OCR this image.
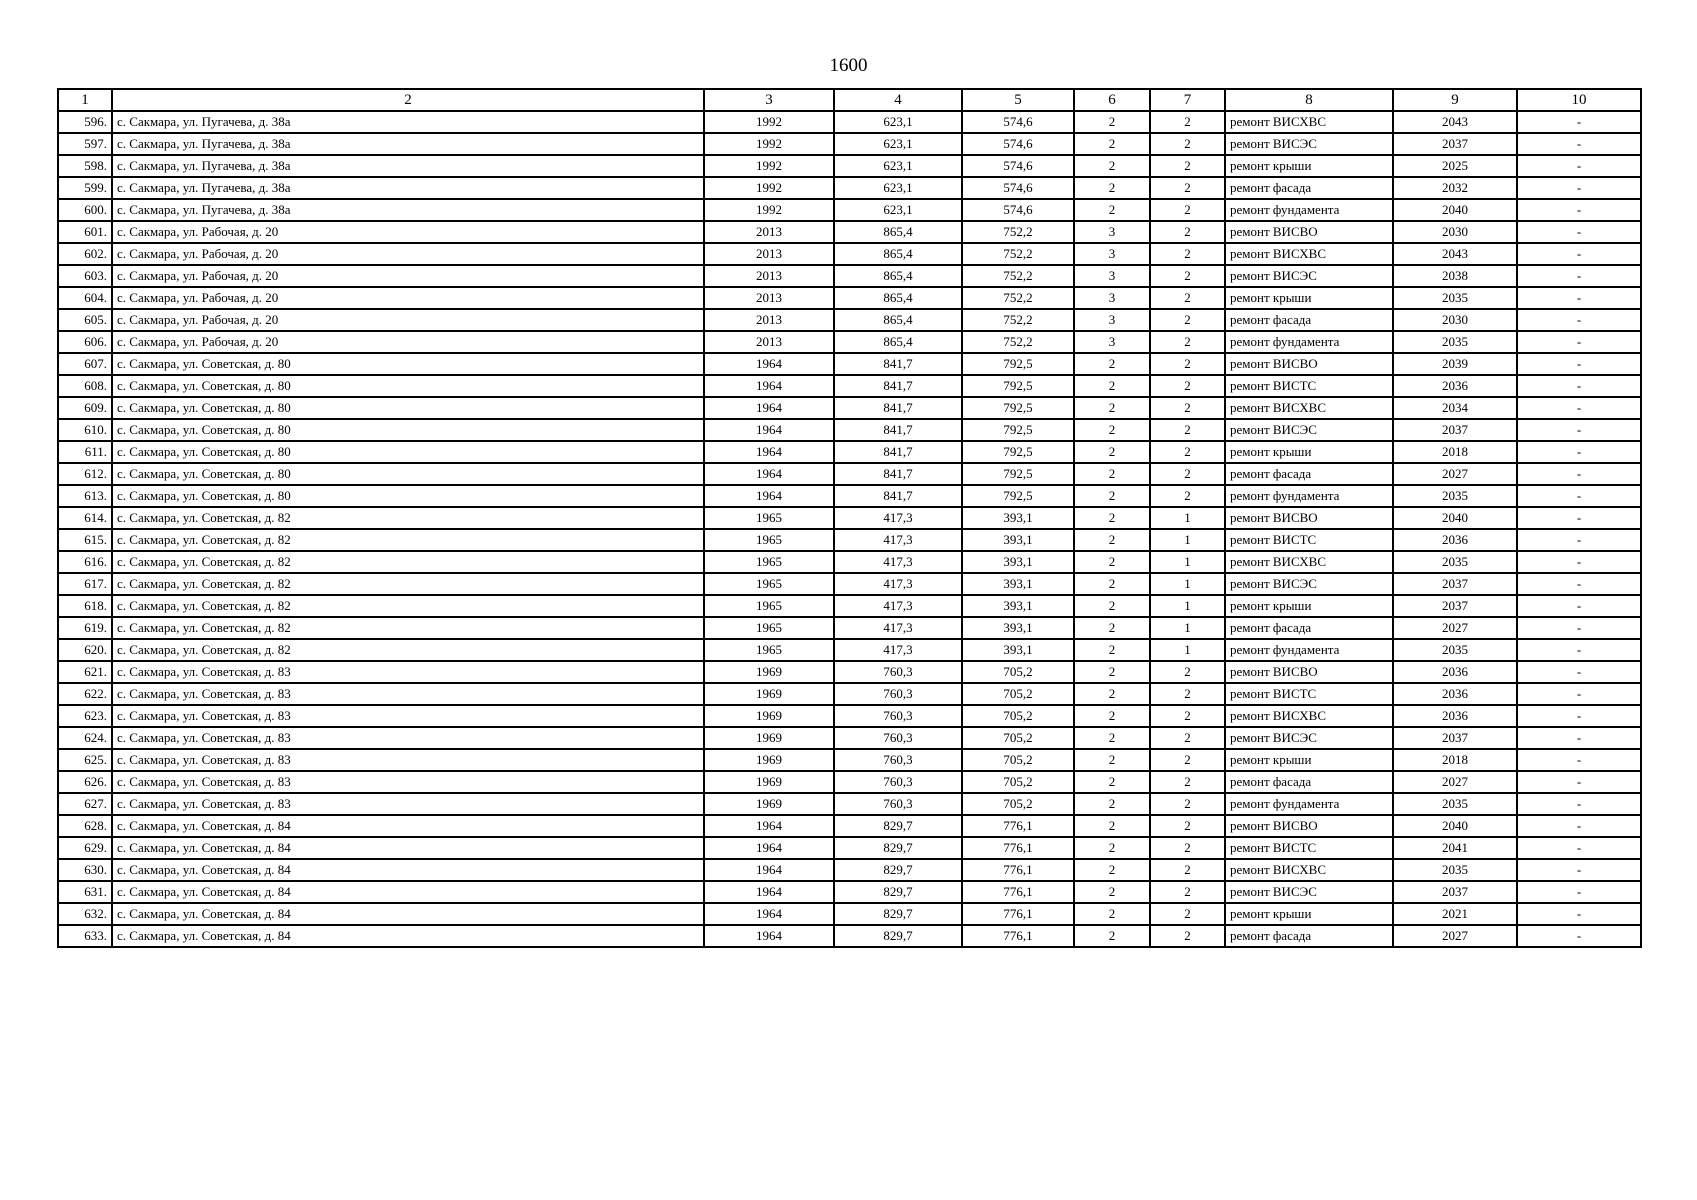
1600
1	2	3	4	5	6	7	8	9	10
596.	с. Сакмара, ул. Пугачева, д. 38а	1992	623,1	574,6	2	2	ремонт ВИСХВС	2043	-
597.	с. Сакмара, ул. Пугачева, д. 38а	1992	623,1	574,6	2	2	ремонт ВИСЭС	2037	-
598.	с. Сакмара, ул. Пугачева, д. 38а	1992	623,1	574,6	2	2	ремонт крыши	2025	-
599.	с. Сакмара, ул. Пугачева, д. 38а	1992	623,1	574,6	2	2	ремонт фасада	2032	-
600.	с. Сакмара, ул. Пугачева, д. 38а	1992	623,1	574,6	2	2	ремонт фундамента	2040	-
601.	с. Сакмара, ул. Рабочая, д. 20	2013	865,4	752,2	3	2	ремонт ВИСВО	2030	-
602.	с. Сакмара, ул. Рабочая, д. 20	2013	865,4	752,2	3	2	ремонт ВИСХВС	2043	-
603.	с. Сакмара, ул. Рабочая, д. 20	2013	865,4	752,2	3	2	ремонт ВИСЭС	2038	-
604.	с. Сакмара, ул. Рабочая, д. 20	2013	865,4	752,2	3	2	ремонт крыши	2035	-
605.	с. Сакмара, ул. Рабочая, д. 20	2013	865,4	752,2	3	2	ремонт фасада	2030	-
606.	с. Сакмара, ул. Рабочая, д. 20	2013	865,4	752,2	3	2	ремонт фундамента	2035	-
607.	с. Сакмара, ул. Советская, д. 80	1964	841,7	792,5	2	2	ремонт ВИСВО	2039	-
608.	с. Сакмара, ул. Советская, д. 80	1964	841,7	792,5	2	2	ремонт ВИСТС	2036	-
609.	с. Сакмара, ул. Советская, д. 80	1964	841,7	792,5	2	2	ремонт ВИСХВС	2034	-
610.	с. Сакмара, ул. Советская, д. 80	1964	841,7	792,5	2	2	ремонт ВИСЭС	2037	-
611.	с. Сакмара, ул. Советская, д. 80	1964	841,7	792,5	2	2	ремонт крыши	2018	-
612.	с. Сакмара, ул. Советская, д. 80	1964	841,7	792,5	2	2	ремонт фасада	2027	-
613.	с. Сакмара, ул. Советская, д. 80	1964	841,7	792,5	2	2	ремонт фундамента	2035	-
614.	с. Сакмара, ул. Советская, д. 82	1965	417,3	393,1	2	1	ремонт ВИСВО	2040	-
615.	с. Сакмара, ул. Советская, д. 82	1965	417,3	393,1	2	1	ремонт ВИСТС	2036	-
616.	с. Сакмара, ул. Советская, д. 82	1965	417,3	393,1	2	1	ремонт ВИСХВС	2035	-
617.	с. Сакмара, ул. Советская, д. 82	1965	417,3	393,1	2	1	ремонт ВИСЭС	2037	-
618.	с. Сакмара, ул. Советская, д. 82	1965	417,3	393,1	2	1	ремонт крыши	2037	-
619.	с. Сакмара, ул. Советская, д. 82	1965	417,3	393,1	2	1	ремонт фасада	2027	-
620.	с. Сакмара, ул. Советская, д. 82	1965	417,3	393,1	2	1	ремонт фундамента	2035	-
621.	с. Сакмара, ул. Советская, д. 83	1969	760,3	705,2	2	2	ремонт ВИСВО	2036	-
622.	с. Сакмара, ул. Советская, д. 83	1969	760,3	705,2	2	2	ремонт ВИСТС	2036	-
623.	с. Сакмара, ул. Советская, д. 83	1969	760,3	705,2	2	2	ремонт ВИСХВС	2036	-
624.	с. Сакмара, ул. Советская, д. 83	1969	760,3	705,2	2	2	ремонт ВИСЭС	2037	-
625.	с. Сакмара, ул. Советская, д. 83	1969	760,3	705,2	2	2	ремонт крыши	2018	-
626.	с. Сакмара, ул. Советская, д. 83	1969	760,3	705,2	2	2	ремонт фасада	2027	-
627.	с. Сакмара, ул. Советская, д. 83	1969	760,3	705,2	2	2	ремонт фундамента	2035	-
628.	с. Сакмара, ул. Советская, д. 84	1964	829,7	776,1	2	2	ремонт ВИСВО	2040	-
629.	с. Сакмара, ул. Советская, д. 84	1964	829,7	776,1	2	2	ремонт ВИСТС	2041	-
630.	с. Сакмара, ул. Советская, д. 84	1964	829,7	776,1	2	2	ремонт ВИСХВС	2035	-
631.	с. Сакмара, ул. Советская, д. 84	1964	829,7	776,1	2	2	ремонт ВИСЭС	2037	-
632.	с. Сакмара, ул. Советская, д. 84	1964	829,7	776,1	2	2	ремонт крыши	2021	-
633.	с. Сакмара, ул. Советская, д. 84	1964	829,7	776,1	2	2	ремонт фасада	2027	-
